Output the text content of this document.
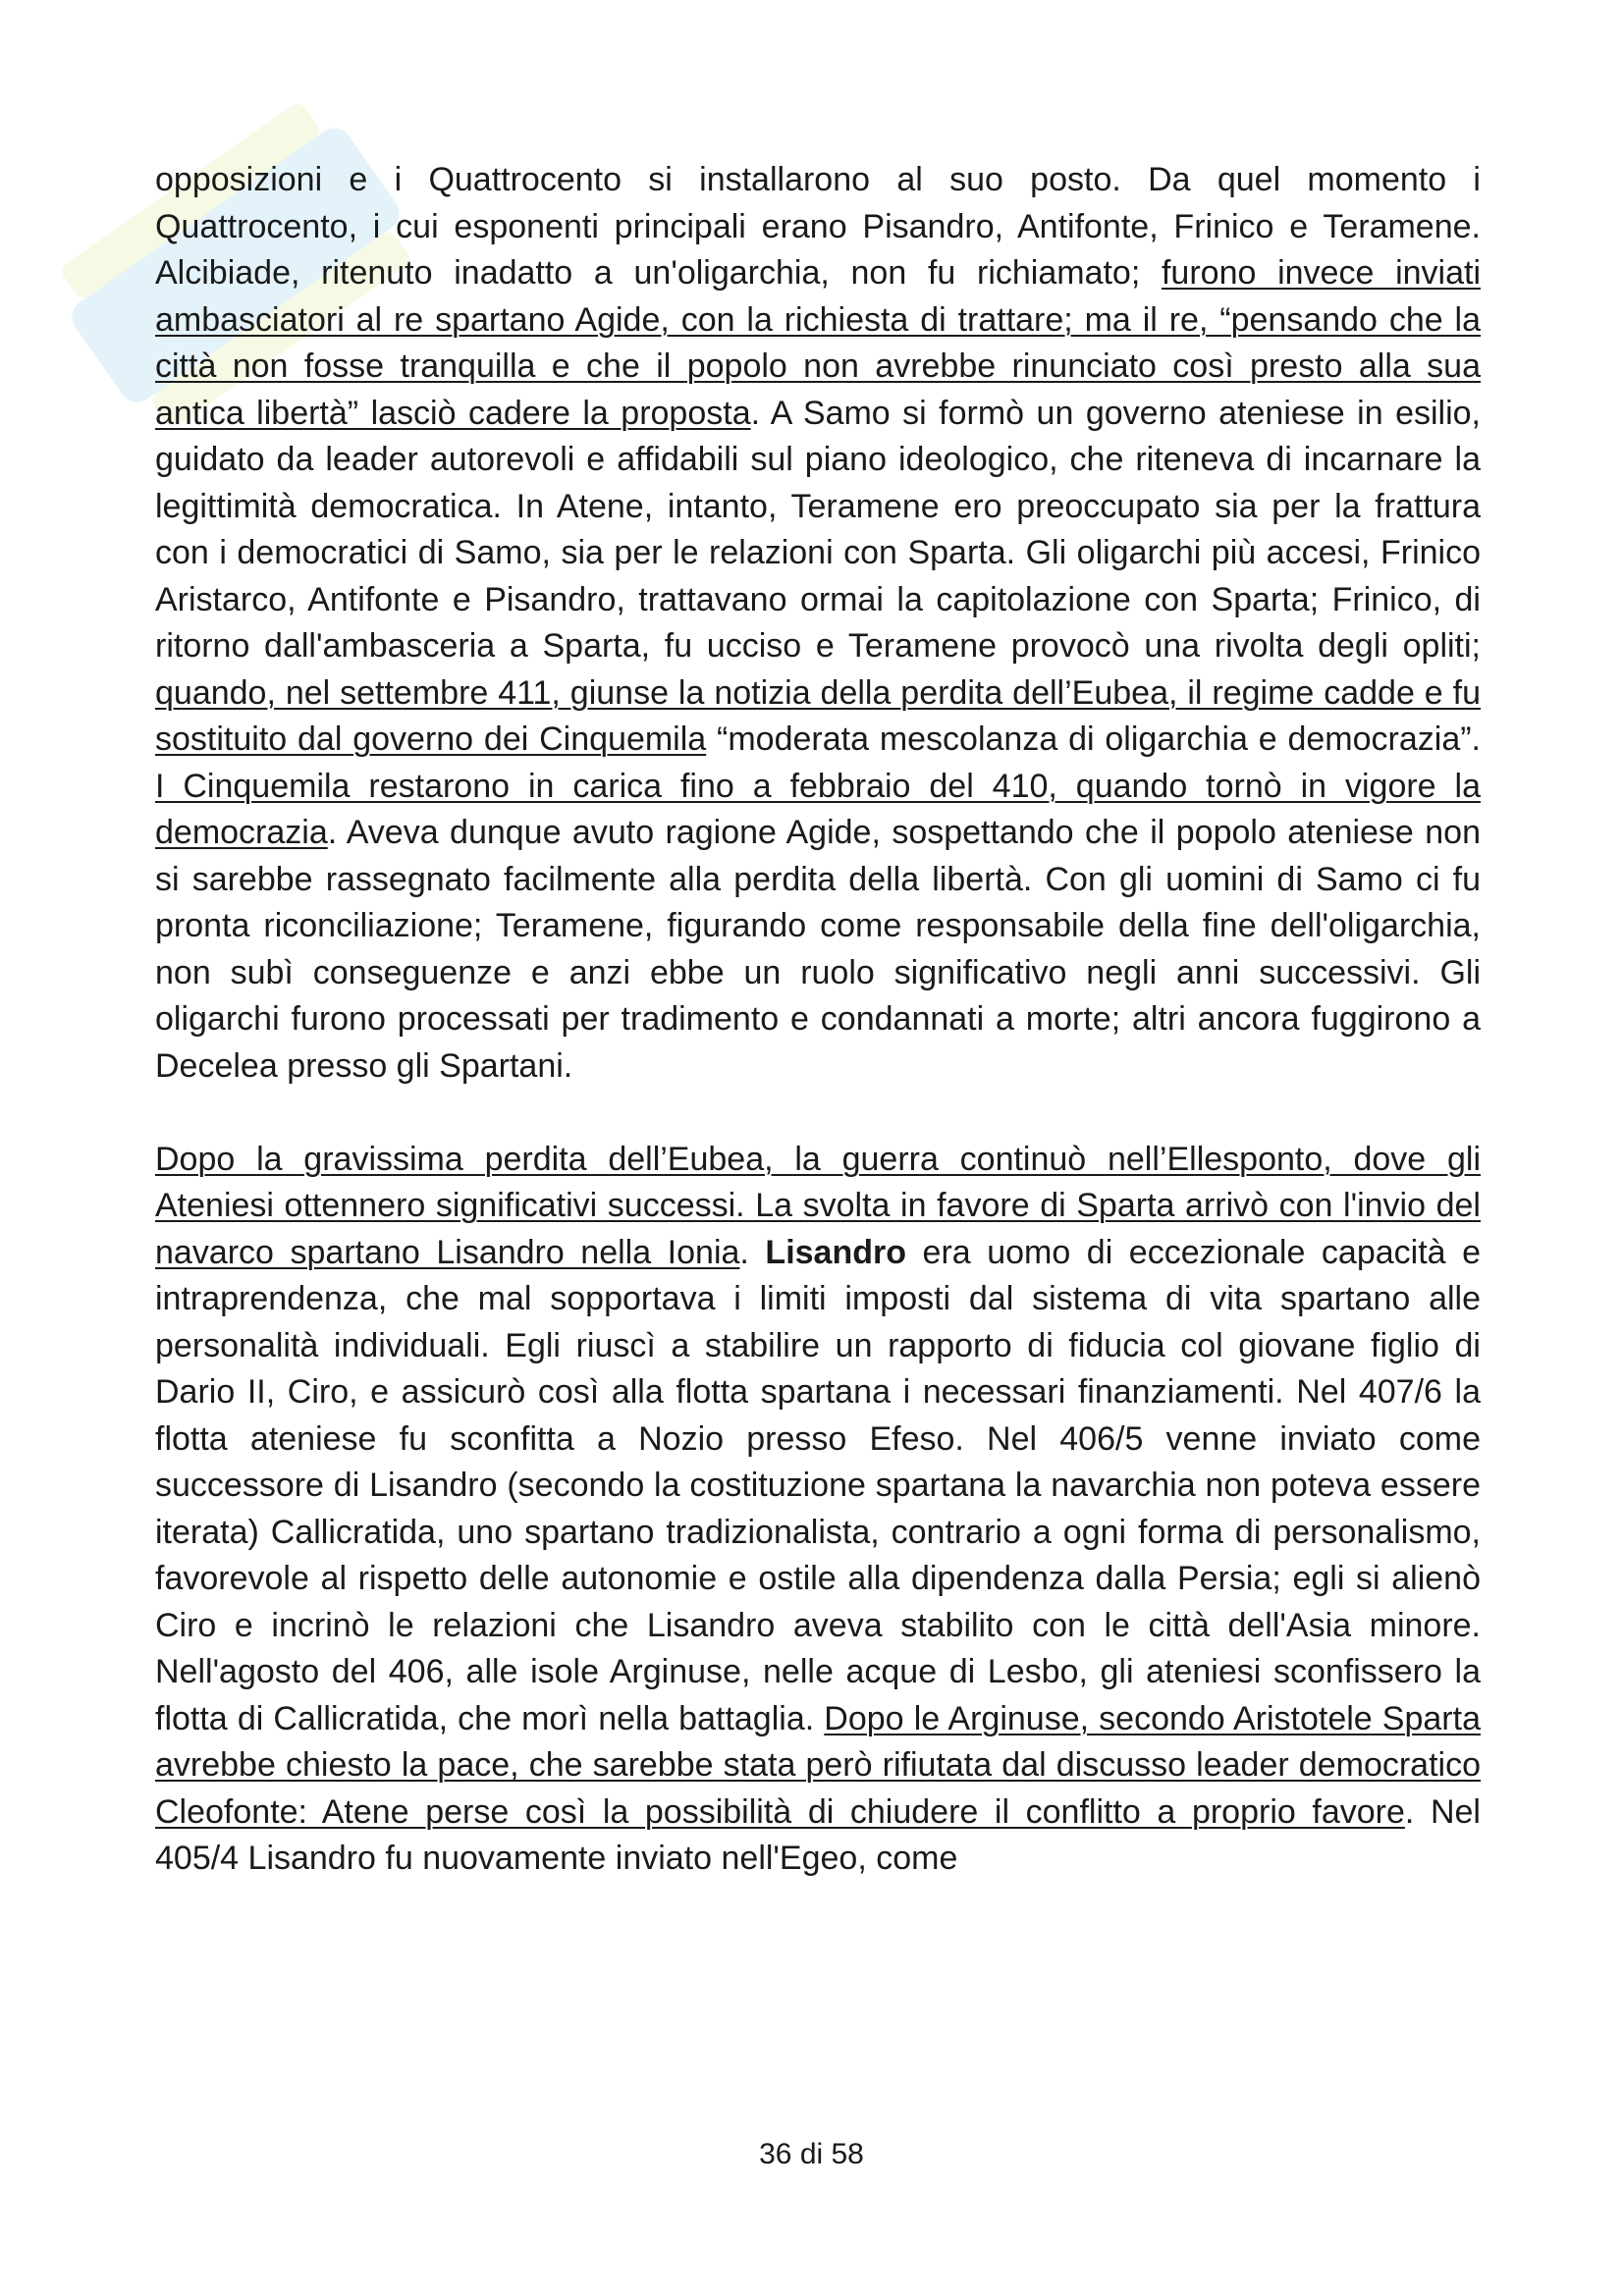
opposizioni e i Quattrocento si installarono al suo posto. Da quel momento i Quattrocento, i cui esponenti principali erano Pisandro, Antifonte, Frinico e Teramene. Alcibiade, ritenuto inadatto a un'oligarchia, non fu richiamato; furono invece inviati ambasciatori al re spartano Agide, con la richiesta di trattare; ma il re, “pensando che la città non fosse tranquilla e che il popolo non avrebbe rinunciato così presto alla sua antica libertà” lasciò cadere la proposta. A Samo si formò un governo ateniese in esilio, guidato da leader autorevoli e affidabili sul piano ideologico, che riteneva di incarnare la legittimità democratica. In Atene, intanto, Teramene ero preoccupato sia per la frattura con i democratici di Samo, sia per le relazioni con Sparta. Gli oligarchi più accesi, Frinico Aristarco, Antifonte e Pisandro, trattavano ormai la capitolazione con Sparta; Frinico, di ritorno dall'ambasceria a Sparta, fu ucciso e Teramene provocò una rivolta degli opliti; quando, nel settembre 411, giunse la notizia della perdita dell’Eubea, il regime cadde e fu sostituito dal governo dei Cinquemila “moderata mescolanza di oligarchia e democrazia”. I Cinquemila restarono in carica fino a febbraio del 410, quando tornò in vigore la democrazia. Aveva dunque avuto ragione Agide, sospettando che il popolo ateniese non si sarebbe rassegnato facilmente alla perdita della libertà. Con gli uomini di Samo ci fu pronta riconciliazione; Teramene, figurando come responsabile della fine dell'oligarchia, non subì conseguenze e anzi ebbe un ruolo significativo negli anni successivi. Gli oligarchi furono processati per tradimento e condannati a morte; altri ancora fuggirono a Decelea presso gli Spartani.

Dopo la gravissima perdita dell’Eubea, la guerra continuò nell’Ellesponto, dove gli Ateniesi ottennero significativi successi. La svolta in favore di Sparta arrivò con l'invio del navarco spartano Lisandro nella Ionia. Lisandro era uomo di eccezionale capacità e intraprendenza, che mal sopportava i limiti imposti dal sistema di vita spartano alle personalità individuali. Egli riuscì a stabilire un rapporto di fiducia col giovane figlio di Dario II, Ciro, e assicurò così alla flotta spartana i necessari finanziamenti. Nel 407/6 la flotta ateniese fu sconfitta a Nozio presso Efeso. Nel 406/5 venne inviato come successore di Lisandro (secondo la costituzione spartana la navarchia non poteva essere iterata) Callicratida, uno spartano tradizionalista, contrario a ogni forma di personalismo, favorevole al rispetto delle autonomie e ostile alla dipendenza dalla Persia; egli si alienò Ciro e incrinò le relazioni che Lisandro aveva stabilito con le città dell'Asia minore. Nell'agosto del 406, alle isole Arginuse, nelle acque di Lesbo, gli ateniesi sconfissero la flotta di Callicratida, che morì nella battaglia. Dopo le Arginuse, secondo Aristotele Sparta avrebbe chiesto la pace, che sarebbe stata però rifiutata dal discusso leader democratico Cleofonte: Atene perse così la possibilità di chiudere il conflitto a proprio favore. Nel 405/4 Lisandro fu nuovamente inviato nell'Egeo, come

36 di 58
